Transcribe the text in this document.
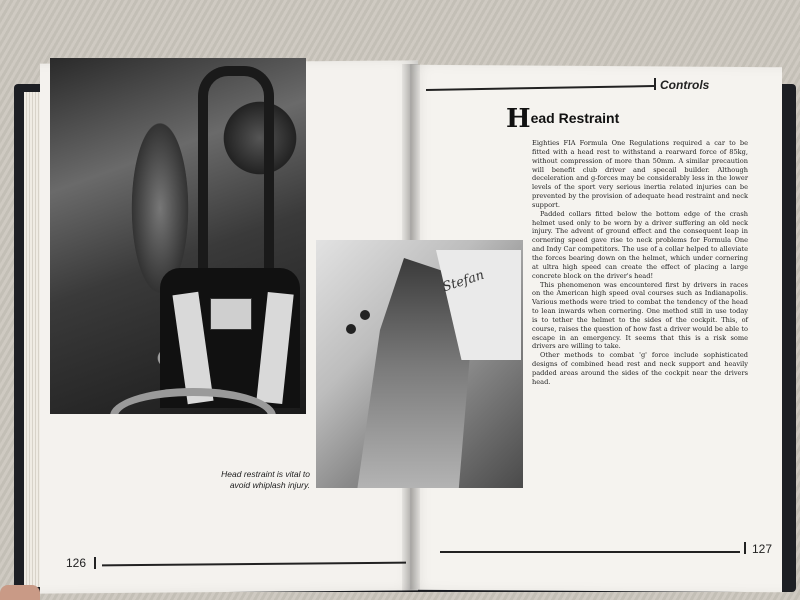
Stefan
Head restraint is vital to avoid whiplash injury.
126
Controls
Head Restraint

Eighties FIA Formula One Regulations required a car to be fitted with a head rest to withstand a rearward force of 85kg, without compression of more than 50mm. A similar precaution will benefit club driver and specail builder. Although deceleration and g-forces may be considerably less in the lower levels of the sport very serious inertia related injuries can be prevented by the provision of adequate head restraint and neck support.

Padded collars fitted below the bottom edge of the crash helmet used only to be worn by a driver suffering an old neck injury. The advent of ground effect and the consequent leap in cornering speed gave rise to neck problems for Formula One and Indy Car competitors. The use of a collar helped to alleviate the forces bearing down on the helmet, which under cornering at ultra high speed can create the effect of placing a large concrete block on the driver's head!

This phenomenon was encountered first by drivers in races on the American high speed oval courses such as Indianapolis. Various methods were tried to combat the tendency of the head to lean inwards when cornering. One method still in use today is to tether the helmet to the sides of the cockpit. This, of course, raises the question of how fast a driver would be able to escape in an emergency. It seems that this is a risk some drivers are willing to take.

Other methods to combat 'g' force include sophisticated designs of combined head rest and neck support and heavily padded areas around the sides of the cockpit near the drivers head.

127
